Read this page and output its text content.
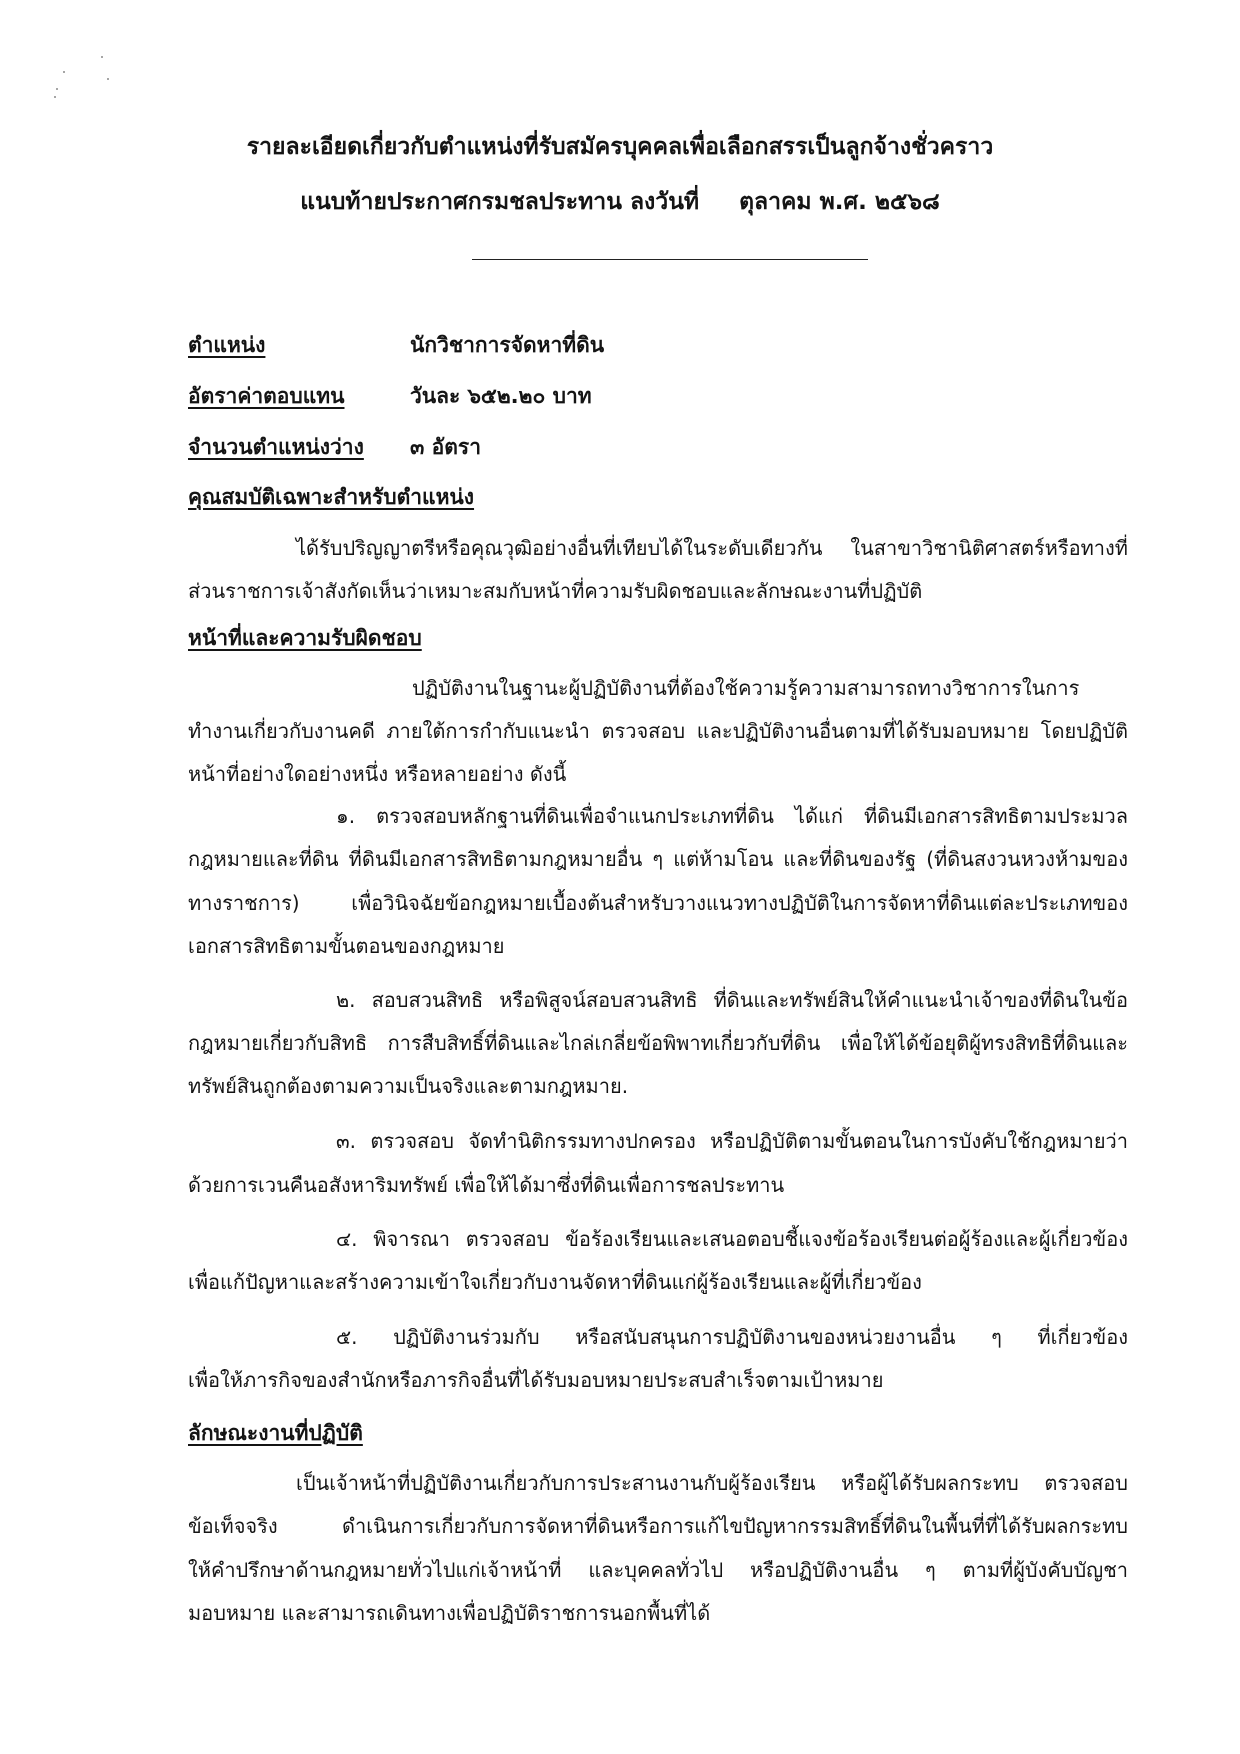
รายละเอียดเกี่ยวกับตำแหน่งที่รับสมัครบุคคลเพื่อเลือกสรรเป็นลูกจ้างชั่วคราว
แนบท้ายประกาศกรมชลประทาน ลงวันที่ ตุลาคม พ.ศ. ๒๕๖๘
ตำแหน่ง	นักวิชาการจัดหาที่ดิน
อัตราค่าตอบแทน	วันละ ๖๕๒.๒๐ บาท
จำนวนตำแหน่งว่าง ๓ อัตรา
คุณสมบัติเฉพาะสำหรับตำแหน่ง
ได้รับปริญญาตรีหรือคุณวุฒิอย่างอื่นที่เทียบได้ในระดับเดียวกัน ในสาขาวิชานิติศาสตร์หรือทางที่
ส่วนราชการเจ้าสังกัดเห็นว่าเหมาะสมกับหน้าที่ความรับผิดชอบและลักษณะงานที่ปฏิบัติ
หน้าที่และความรับผิดชอบ
ปฏิบัติงานในฐานะผู้ปฏิบัติงานที่ต้องใช้ความรู้ความสามารถทางวิชาการในการ
ทำงานเกี่ยวกับงานคดี ภายใต้การกำกับแนะนำ ตรวจสอบ และปฏิบัติงานอื่นตามที่ได้รับมอบหมาย โดยปฏิบัติ
หน้าที่อย่างใดอย่างหนึ่ง หรือหลายอย่าง ดังนี้
๑. ตรวจสอบหลักฐานที่ดินเพื่อจำแนกประเภทที่ดิน ได้แก่ ที่ดินมีเอกสารสิทธิตามประมวล
กฎหมายและที่ดิน ที่ดินมีเอกสารสิทธิตามกฎหมายอื่น ๆ แต่ห้ามโอน และที่ดินของรัฐ (ที่ดินสงวนหวงห้ามของ
ทางราชการ) เพื่อวินิจฉัยข้อกฎหมายเบื้องต้นสำหรับวางแนวทางปฏิบัติในการจัดหาที่ดินแต่ละประเภทของ
เอกสารสิทธิตามขั้นตอนของกฎหมาย
๒. สอบสวนสิทธิ หรือพิสูจน์สอบสวนสิทธิ ที่ดินและทรัพย์สินให้คำแนะนำเจ้าของที่ดินในข้อ
กฎหมายเกี่ยวกับสิทธิ การสืบสิทธิ์ที่ดินและไกล่เกลี่ยข้อพิพาทเกี่ยวกับที่ดิน เพื่อให้ได้ข้อยุติผู้ทรงสิทธิที่ดินและ
ทรัพย์สินถูกต้องตามความเป็นจริงและตามกฎหมาย.
๓. ตรวจสอบ จัดทำนิติกรรมทางปกครอง หรือปฏิบัติตามขั้นตอนในการบังคับใช้กฎหมายว่า
ด้วยการเวนคืนอสังหาริมทรัพย์ เพื่อให้ได้มาซึ่งที่ดินเพื่อการชลประทาน
๔. พิจารณา ตรวจสอบ ข้อร้องเรียนและเสนอตอบชี้แจงข้อร้องเรียนต่อผู้ร้องและผู้เกี่ยวข้อง
เพื่อแก้ปัญหาและสร้างความเข้าใจเกี่ยวกับงานจัดหาที่ดินแก่ผู้ร้องเรียนและผู้ที่เกี่ยวข้อง
๕. ปฏิบัติงานร่วมกับ หรือสนับสนุนการปฏิบัติงานของหน่วยงานอื่น ๆ ที่เกี่ยวข้อง
เพื่อให้ภารกิจของสำนักหรือภารกิจอื่นที่ได้รับมอบหมายประสบสำเร็จตามเป้าหมาย
ลักษณะงานที่ปฏิบัติ
เป็นเจ้าหน้าที่ปฏิบัติงานเกี่ยวกับการประสานงานกับผู้ร้องเรียน หรือผู้ได้รับผลกระทบ ตรวจสอบ
ข้อเท็จจริง ดำเนินการเกี่ยวกับการจัดหาที่ดินหรือการแก้ไขปัญหากรรมสิทธิ์ที่ดินในพื้นที่ที่ได้รับผลกระทบ
ให้คำปรึกษาด้านกฎหมายทั่วไปแก่เจ้าหน้าที่ และบุคคลทั่วไป หรือปฏิบัติงานอื่น ๆ ตามที่ผู้บังคับบัญชา
มอบหมาย และสามารถเดินทางเพื่อปฏิบัติราชการนอกพื้นที่ได้
